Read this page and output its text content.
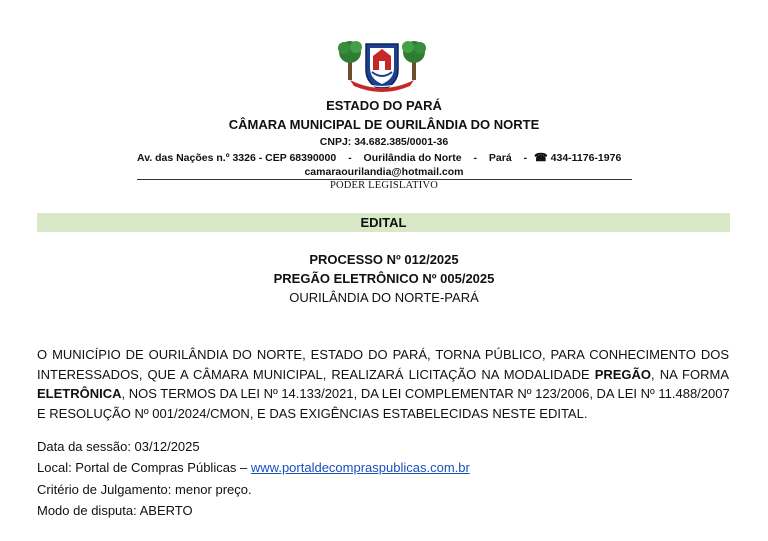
ESTADO DO PARÁ
CÂMARA MUNICIPAL DE OURILÂNDIA DO NORTE
CNPJ: 34.682.385/0001-36
Av. das Nações n.º 3326 - CEP 68390000 - Ourilândia do Norte - Pará - ☎ 434-1176-1976
camaraourilandia@hotmail.com
PODER LEGISLATIVO
EDITAL
PROCESSO Nº 012/2025
PREGÃO ELETRÔNICO Nº 005/2025
OURILÂNDIA DO NORTE-PARÁ
O MUNICÍPIO DE OURILÂNDIA DO NORTE, ESTADO DO PARÁ, TORNA PÚBLICO, PARA CONHECIMENTO DOS
INTERESSADOS, QUE A CÂMARA MUNICIPAL, REALIZARÁ LICITAÇÃO NA MODALIDADE PREGÃO, NA FORMA
ELETRÔNICA, NOS TERMOS DA LEI Nº 14.133/2021, DA LEI COMPLEMENTAR Nº 123/2006, DA LEI Nº 11.488/2007
E RESOLUÇÃO Nº 001/2024/CMON, E DAS EXIGÊNCIAS ESTABELECIDAS NESTE EDITAL.
Data da sessão: 03/12/2025
Local: Portal de Compras Públicas – www.portaldecompraspublicas.com.br
Critério de Julgamento: menor preço.
Modo de disputa: ABERTO
